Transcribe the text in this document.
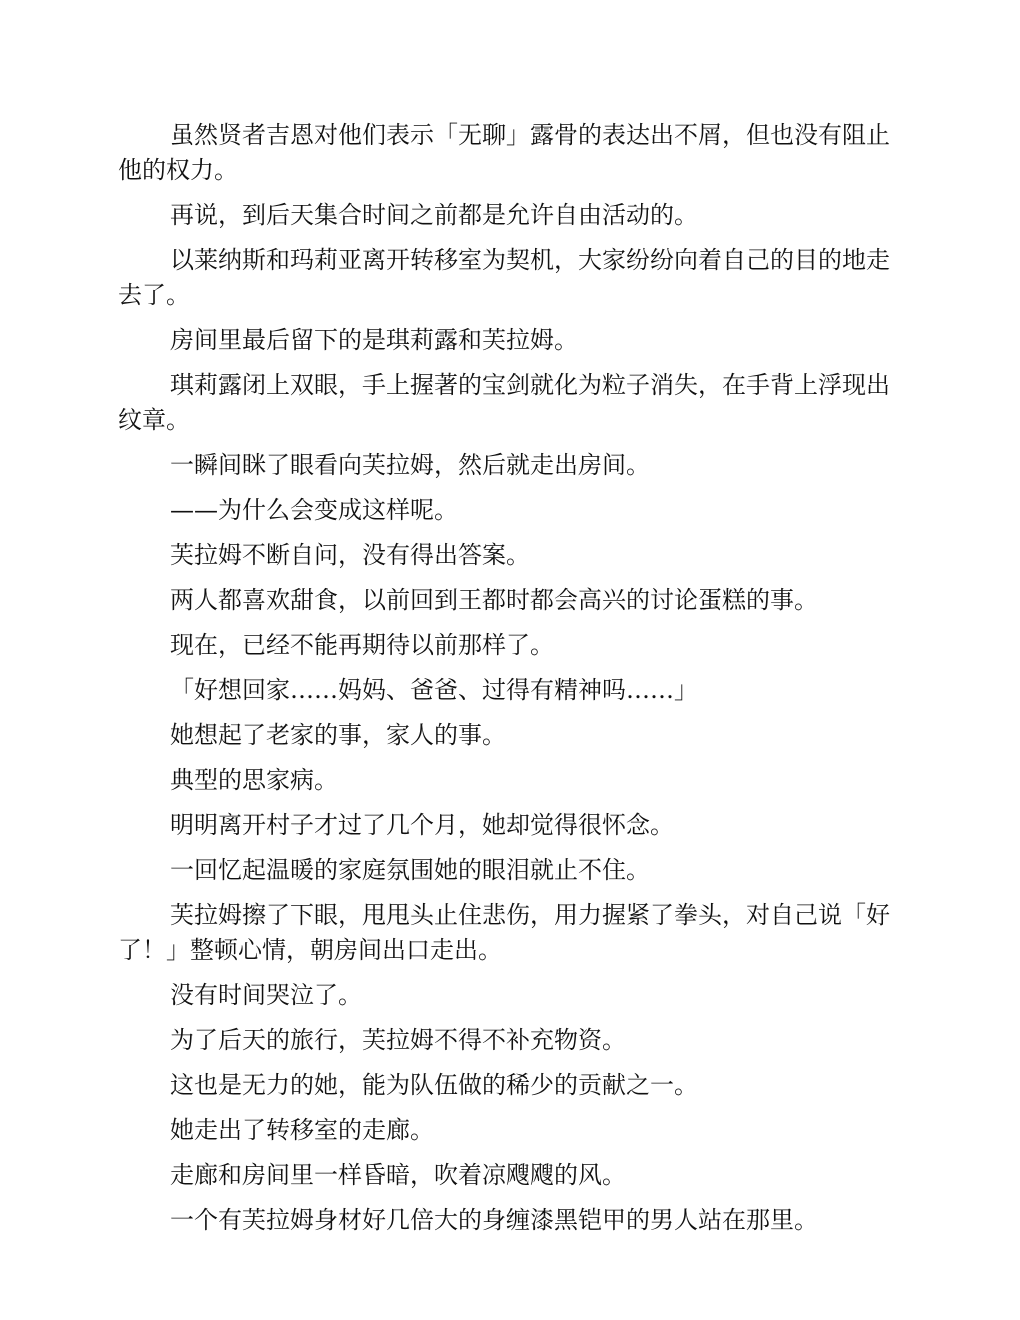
虽然贤者吉恩对他们表示「无聊」露骨的表达出不屑，但也没有阻止他的权力。

再说，到后天集合时间之前都是允许自由活动的。

以莱纳斯和玛莉亚离开转移室为契机，大家纷纷向着自己的目的地走去了。

房间里最后留下的是琪莉露和芙拉姆。

琪莉露闭上双眼，手上握著的宝剑就化为粒子消失，在手背上浮现出纹章。

一瞬间眯了眼看向芙拉姆，然后就走出房间。

——为什么会变成这样呢。

芙拉姆不断自问，没有得出答案。

两人都喜欢甜食，以前回到王都时都会高兴的讨论蛋糕的事。

现在，已经不能再期待以前那样了。

「好想回家……妈妈、爸爸、过得有精神吗……」

她想起了老家的事，家人的事。

典型的思家病。

明明离开村子才过了几个月，她却觉得很怀念。

一回忆起温暖的家庭氛围她的眼泪就止不住。

芙拉姆擦了下眼，甩甩头止住悲伤，用力握紧了拳头，对自己说「好了！」整顿心情，朝房间出口走出。

没有时间哭泣了。

为了后天的旅行，芙拉姆不得不补充物资。

这也是无力的她，能为队伍做的稀少的贡献之一。

她走出了转移室的走廊。

走廊和房间里一样昏暗，吹着凉飕飕的风。

一个有芙拉姆身材好几倍大的身缠漆黑铠甲的男人站在那里。
